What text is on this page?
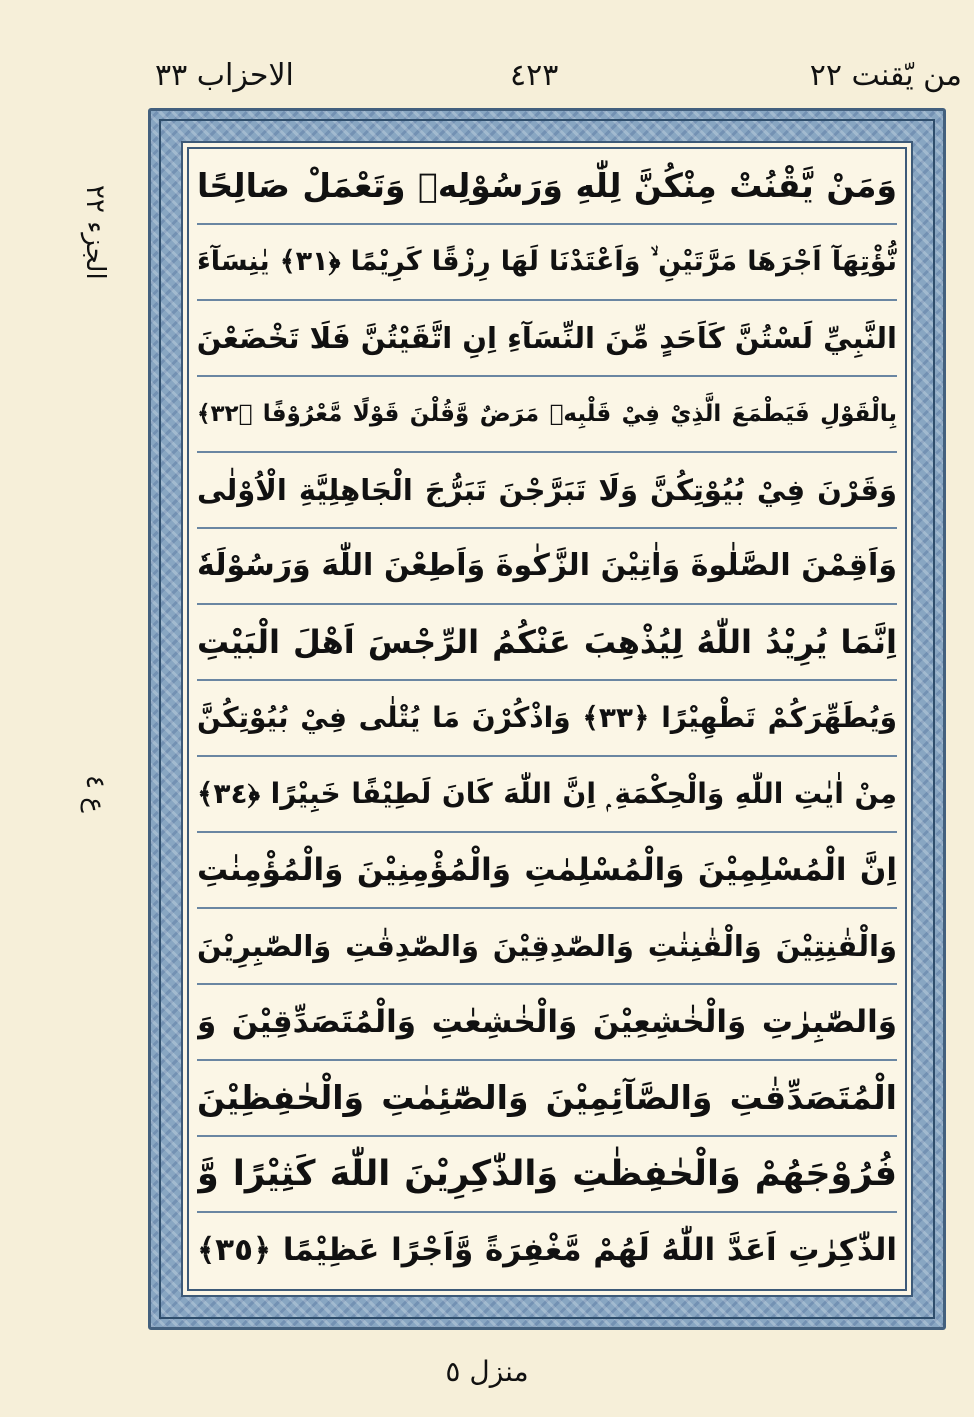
من يّقنت ٢٢
٤٢٣
الاحزاب ٣٣
الجزء ٢٢
ع ٤
وَمَنْ يَّقْنُتْ مِنْكُنَّ لِلّٰهِ وَرَسُوْلِهٖ وَتَعْمَلْ صَالِحًا
نُّؤْتِهَآ اَجْرَهَا مَرَّتَيْنِ ۙ وَاَعْتَدْنَا لَهَا رِزْقًا كَرِيْمًا ﴿٣١﴾ يٰنِسَآءَ
النَّبِيِّ لَسْتُنَّ كَاَحَدٍ مِّنَ النِّسَآءِ اِنِ اتَّقَيْتُنَّ فَلَا تَخْضَعْنَ
بِالْقَوْلِ فَيَطْمَعَ الَّذِيْ فِيْ قَلْبِهٖ مَرَضٌ وَّقُلْنَ قَوْلًا مَّعْرُوْفًا ﴿٣٢﴾
وَقَرْنَ فِيْ بُيُوْتِكُنَّ وَلَا تَبَرَّجْنَ تَبَرُّجَ الْجَاهِلِيَّةِ الْاُوْلٰى
وَاَقِمْنَ الصَّلٰوةَ وَاٰتِيْنَ الزَّكٰوةَ وَاَطِعْنَ اللّٰهَ وَرَسُوْلَهٗ
اِنَّمَا يُرِيْدُ اللّٰهُ لِيُذْهِبَ عَنْكُمُ الرِّجْسَ اَهْلَ الْبَيْتِ
وَيُطَهِّرَكُمْ تَطْهِيْرًا ﴿٣٣﴾ وَاذْكُرْنَ مَا يُتْلٰى فِيْ بُيُوْتِكُنَّ
مِنْ اٰيٰتِ اللّٰهِ وَالْحِكْمَةِ ۭ اِنَّ اللّٰهَ كَانَ لَطِيْفًا خَبِيْرًا ﴿٣٤﴾
اِنَّ الْمُسْلِمِيْنَ وَالْمُسْلِمٰتِ وَالْمُؤْمِنِيْنَ وَالْمُؤْمِنٰتِ
وَالْقٰنِتِيْنَ وَالْقٰنِتٰتِ وَالصّٰدِقِيْنَ وَالصّٰدِقٰتِ وَالصّٰبِرِيْنَ
وَالصّٰبِرٰتِ وَالْخٰشِعِيْنَ وَالْخٰشِعٰتِ وَالْمُتَصَدِّقِيْنَ وَ
الْمُتَصَدِّقٰتِ وَالصَّآئِمِيْنَ وَالصّٰٓئِمٰتِ وَالْحٰفِظِيْنَ
فُرُوْجَهُمْ وَالْحٰفِظٰتِ وَالذّٰكِرِيْنَ اللّٰهَ كَثِيْرًا وَّ
الذّٰكِرٰتِ اَعَدَّ اللّٰهُ لَهُمْ مَّغْفِرَةً وَّاَجْرًا عَظِيْمًا ﴿٣٥﴾
منزل ٥
